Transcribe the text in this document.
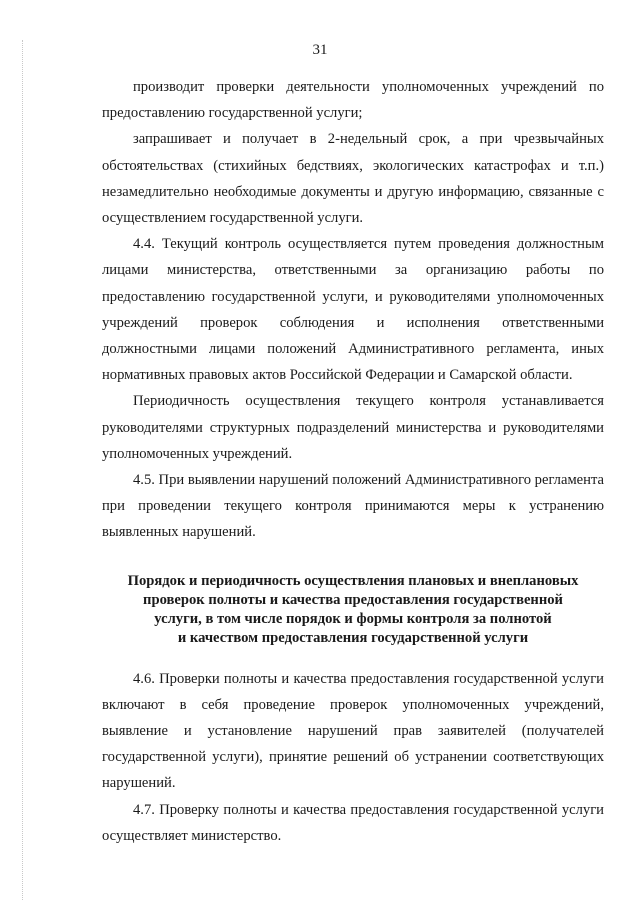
31

производит проверки деятельности уполномоченных учреждений по предоставлению государственной услуги;

запрашивает и получает в 2-недельный срок, а при чрезвычайных обстоятельствах (стихийных бедствиях, экологических катастрофах и т.п.) незамедлительно необходимые документы и другую информацию, связанные с осуществлением государственной услуги.

4.4. Текущий контроль осуществляется путем проведения должностным лицами министерства, ответственными за организацию работы по предоставлению государственной услуги, и руководителями уполномоченных учреждений проверок соблюдения и исполнения ответственными должностными лицами положений Административного регламента, иных нормативных правовых актов Российской Федерации и Самарской области.

Периодичность осуществления текущего контроля устанавливается руководителями структурных подразделений министерства и руководителями уполномоченных учреждений.

4.5. При выявлении нарушений положений Административного регламента при проведении текущего контроля принимаются меры к устранению выявленных нарушений.

Порядок и периодичность осуществления плановых и внеплановых
проверок полноты и качества предоставления государственной
услуги, в том числе порядок и формы контроля за полнотой
и качеством предоставления государственной услуги

4.6. Проверки полноты и качества предоставления государственной услуги включают в себя проведение проверок уполномоченных учреждений, выявление и установление нарушений прав заявителей (получателей государственной услуги), принятие решений об устранении соответствующих нарушений.

4.7. Проверку полноты и качества предоставления государственной услуги осуществляет министерство.
